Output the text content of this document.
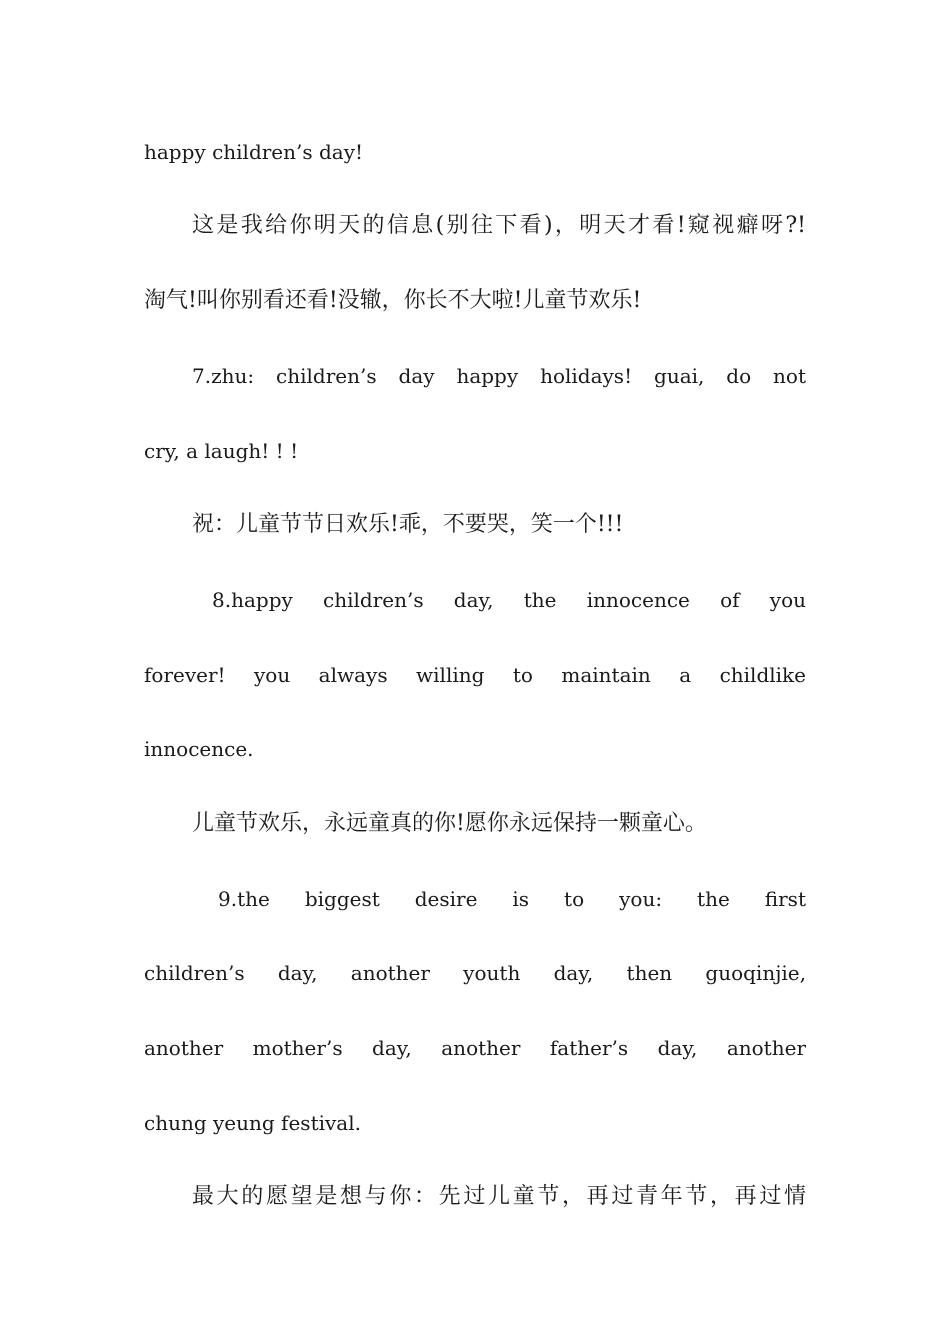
happy children’s day!
这是我给你明天的信息(别往下看)，明天才看!窥视癖呀?!
淘气!叫你别看还看!没辙，你长不大啦!儿童节欢乐!
7.zhu: children’s day happy holidays! guai, do not
cry, a laugh! ! !
祝：儿童节节日欢乐!乖，不要哭，笑一个!!!
8.happy children’s day, the innocence of you
forever! you always willing to maintain a childlike
innocence.
儿童节欢乐，永远童真的你!愿你永远保持一颗童心。
9.the biggest desire is to you: the first
children’s day, another youth day, then guoqinjie,
another mother’s day, another father’s day, another
chung yeung festival.
最大的愿望是想与你：先过儿童节，再过青年节，再过情
